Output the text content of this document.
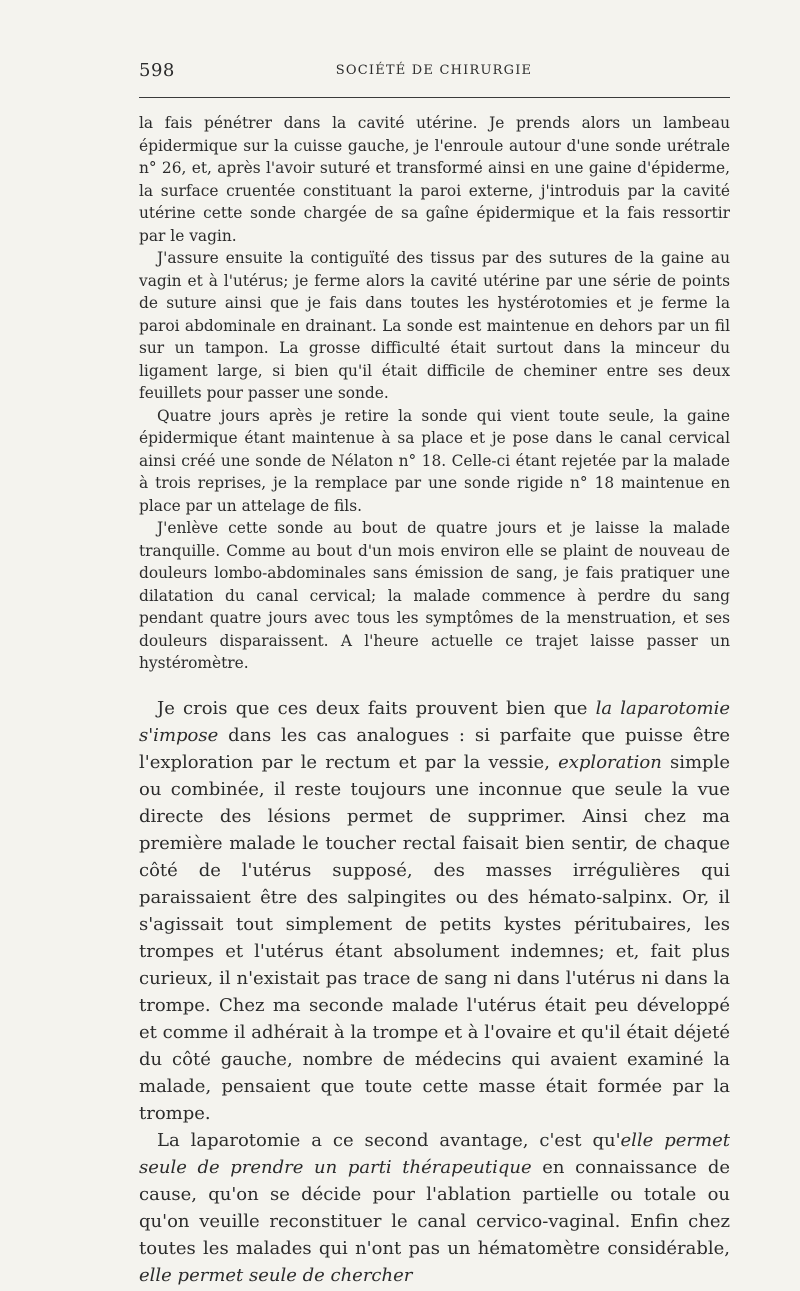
598	SOCIÉTÉ DE CHIRURGIE

la fais pénétrer dans la cavité utérine. Je prends alors un lambeau épidermique sur la cuisse gauche, je l'enroule autour d'une sonde urétrale n° 26, et, après l'avoir suturé et transformé ainsi en une gaine d'épiderme, la surface cruentée constituant la paroi externe, j'introduis par la cavité utérine cette sonde chargée de sa gaîne épidermique et la fais ressortir par le vagin.

J'assure ensuite la contiguïté des tissus par des sutures de la gaine au vagin et à l'utérus; je ferme alors la cavité utérine par une série de points de suture ainsi que je fais dans toutes les hystérotomies et je ferme la paroi abdominale en drainant. La sonde est maintenue en dehors par un fil sur un tampon. La grosse difficulté était surtout dans la minceur du ligament large, si bien qu'il était difficile de cheminer entre ses deux feuillets pour passer une sonde.

Quatre jours après je retire la sonde qui vient toute seule, la gaine épidermique étant maintenue à sa place et je pose dans le canal cervical ainsi créé une sonde de Nélaton n° 18. Celle-ci étant rejetée par la malade à trois reprises, je la remplace par une sonde rigide n° 18 maintenue en place par un attelage de fils.

J'enlève cette sonde au bout de quatre jours et je laisse la malade tranquille. Comme au bout d'un mois environ elle se plaint de nouveau de douleurs lombo-abdominales sans émission de sang, je fais pratiquer une dilatation du canal cervical; la malade commence à perdre du sang pendant quatre jours avec tous les symptômes de la menstruation, et ses douleurs disparaissent. A l'heure actuelle ce trajet laisse passer un hystéromètre.

Je crois que ces deux faits prouvent bien que la laparotomie s'impose dans les cas analogues : si parfaite que puisse être l'exploration par le rectum et par la vessie, exploration simple ou combinée, il reste toujours une inconnue que seule la vue directe des lésions permet de supprimer. Ainsi chez ma première malade le toucher rectal faisait bien sentir, de chaque côté de l'utérus supposé, des masses irrégulières qui paraissaient être des salpingites ou des hémato-salpinx. Or, il s'agissait tout simplement de petits kystes péritubaires, les trompes et l'utérus étant absolument indemnes; et, fait plus curieux, il n'existait pas trace de sang ni dans l'utérus ni dans la trompe. Chez ma seconde malade l'utérus était peu développé et comme il adhérait à la trompe et à l'ovaire et qu'il était déjeté du côté gauche, nombre de médecins qui avaient examiné la malade, pensaient que toute cette masse était formée par la trompe.

La laparotomie a ce second avantage, c'est qu'elle permet seule de prendre un parti thérapeutique en connaissance de cause, qu'on se décide pour l'ablation partielle ou totale ou qu'on veuille reconstituer le canal cervico-vaginal. Enfin chez toutes les malades qui n'ont pas un hématomètre considérable, elle permet seule de chercher
